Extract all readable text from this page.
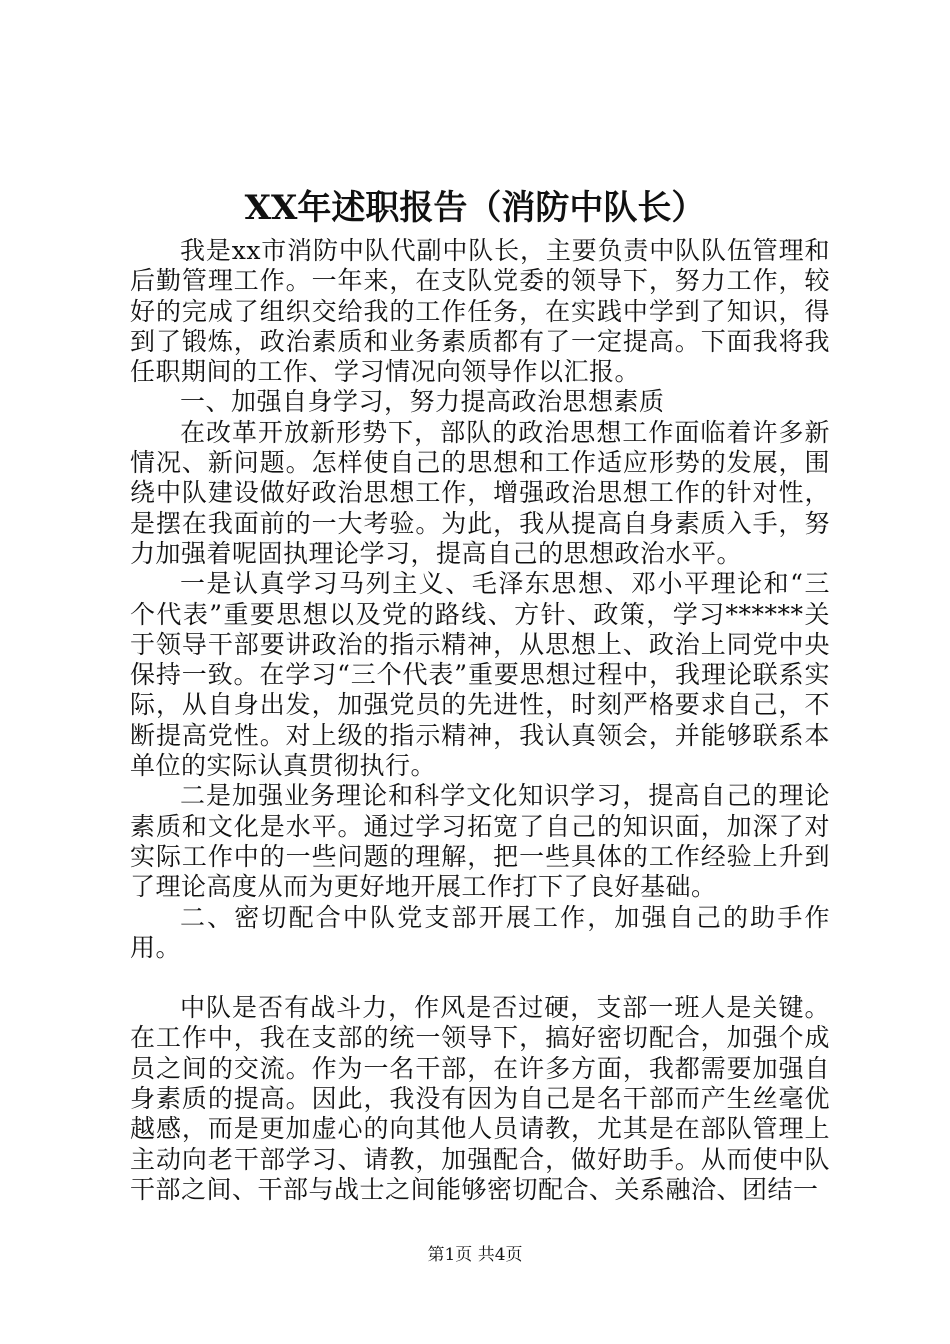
XX年述职报告（消防中队长）

我是xx市消防中队代副中队长，主要负责中队队伍管理和后勤管理工作。一年来，在支队党委的领导下，努力工作，较好的完成了组织交给我的工作任务，在实践中学到了知识，得到了锻炼，政治素质和业务素质都有了一定提高。下面我将我任职期间的工作、学习情况向领导作以汇报。

一、加强自身学习，努力提高政治思想素质

在改革开放新形势下，部队的政治思想工作面临着许多新情况、新问题。怎样使自己的思想和工作适应形势的发展，围绕中队建设做好政治思想工作，增强政治思想工作的针对性，是摆在我面前的一大考验。为此，我从提高自身素质入手，努力加强着呢固执理论学习，提高自己的思想政治水平。

一是认真学习马列主义、毛泽东思想、邓小平理论和“三个代表”重要思想以及党的路线、方针、政策，学习******关于领导干部要讲政治的指示精神，从思想上、政治上同党中央保持一致。在学习“三个代表”重要思想过程中，我理论联系实际，从自身出发，加强党员的先进性，时刻严格要求自己，不断提高党性。对上级的指示精神，我认真领会，并能够联系本单位的实际认真贯彻执行。

二是加强业务理论和科学文化知识学习，提高自己的理论素质和文化是水平。通过学习拓宽了自己的知识面，加深了对实际工作中的一些问题的理解，把一些具体的工作经验上升到了理论高度从而为更好地开展工作打下了良好基础。

二、密切配合中队党支部开展工作，加强自己的助手作用。

中队是否有战斗力，作风是否过硬，支部一班人是关键。在工作中，我在支部的统一领导下，搞好密切配合，加强个成员之间的交流。作为一名干部，在许多方面，我都需要加强自身素质的提高。因此，我没有因为自己是名干部而产生丝毫优越感，而是更加虚心的向其他人员请教，尤其是在部队管理上主动向老干部学习、请教，加强配合，做好助手。从而使中队干部之间、干部与战士之间能够密切配合、关系融洽、团结一

第1页 共4页
